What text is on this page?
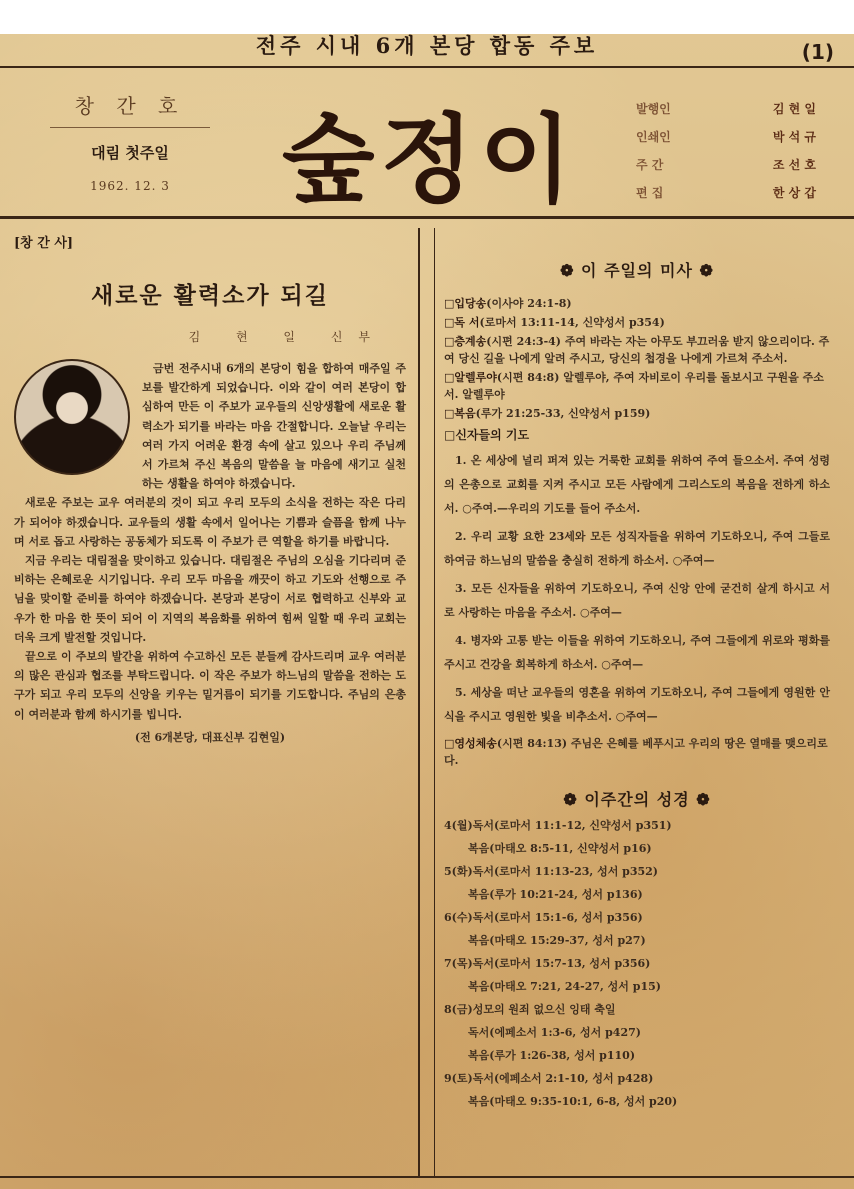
전주 시내 6개 본당 합동 주보	(1)
창 간 호
대림 첫주일
1962. 12. 3	숲정이	발행인	김 현 일
인쇄인	박 석 규
주 간	조 선 호
편 집	한 상 갑
[창 간 사]
새로운 활력소가 되길
김 현 일 신부

금번 전주시내 6개의 본당이 힘을 합하여 매주일 주보를 발간하게 되었습니다. 이와 같이 여러 본당이 합심하여 만든 이 주보가 교우들의 신앙생활에 새로운 활력소가 되기를 바라는 마음 간절합니다. 오늘날 우리는 여러 가지 어려운 환경 속에 살고 있으나 우리 주님께서 가르쳐 주신 복음의 말씀을 늘 마음에 새기고 실천하는 생활을 하여야 하겠습니다.

새로운 주보는 교우 여러분의 것이 되고 우리 모두의 소식을 전하는 작은 다리가 되어야 하겠습니다. 교우들의 생활 속에서 일어나는 기쁨과 슬픔을 함께 나누며 서로 돕고 사랑하는 공동체가 되도록 이 주보가 큰 역할을 하기를 바랍니다.

지금 우리는 대림절을 맞이하고 있습니다. 대림절은 주님의 오심을 기다리며 준비하는 은혜로운 시기입니다. 우리 모두 마음을 깨끗이 하고 기도와 선행으로 주님을 맞이할 준비를 하여야 하겠습니다. 본당과 본당이 서로 협력하고 신부와 교우가 한 마음 한 뜻이 되어 이 지역의 복음화를 위하여 힘써 일할 때 우리 교회는 더욱 크게 발전할 것입니다.

끝으로 이 주보의 발간을 위하여 수고하신 모든 분들께 감사드리며 교우 여러분의 많은 관심과 협조를 부탁드립니다. 이 작은 주보가 하느님의 말씀을 전하는 도구가 되고 우리 모두의 신앙을 키우는 밑거름이 되기를 기도합니다. 주님의 은총이 여러분과 함께 하시기를 빕니다.

(전 6개본당, 대표신부 김현일)
❁ 이 주일의 미사 ❁
□입당송(이사야 24:1-8)
□독 서(로마서 13:11-14, 신약성서 p354)
□층계송(시편 24:3-4) 주여 바라는 자는 아무도 부끄러움 받지 않으리이다. 주여 당신 길을 나에게 알려 주시고, 당신의 첩경을 나에게 가르쳐 주소서.
□알렐루야(시편 84:8) 알렐루야, 주여 자비로이 우리를 돌보시고 구원을 주소서. 알렐루야
□복음(루가 21:25-33, 신약성서 p159)
□신자들의 기도

1. 온 세상에 널리 퍼져 있는 거룩한 교회를 위하여 주여 들으소서. 주여 성령의 은총으로 교회를 지켜 주시고 모든 사람에게 그리스도의 복음을 전하게 하소서. ○주여.—우리의 기도를 들어 주소서.

2. 우리 교황 요한 23세와 모든 성직자들을 위하여 기도하오니, 주여 그들로 하여금 하느님의 말씀을 충실히 전하게 하소서. ○주여—

3. 모든 신자들을 위하여 기도하오니, 주여 신앙 안에 굳건히 살게 하시고 서로 사랑하는 마음을 주소서. ○주여—

4. 병자와 고통 받는 이들을 위하여 기도하오니, 주여 그들에게 위로와 평화를 주시고 건강을 회복하게 하소서. ○주여—

5. 세상을 떠난 교우들의 영혼을 위하여 기도하오니, 주여 그들에게 영원한 안식을 주시고 영원한 빛을 비추소서. ○주여—

□영성체송(시편 84:13) 주님은 은혜를 베푸시고 우리의 땅은 열매를 맺으리로다.
❁ 이주간의 성경 ❁
4(월)독서(로마서 11:1-12, 신약성서 p351)
복음(마태오 8:5-11, 신약성서 p16)
5(화)독서(로마서 11:13-23, 성서 p352)
복음(루가 10:21-24, 성서 p136)
6(수)독서(로마서 15:1-6, 성서 p356)
복음(마태오 15:29-37, 성서 p27)
7(목)독서(로마서 15:7-13, 성서 p356)
복음(마태오 7:21, 24-27, 성서 p15)
8(금)성모의 원죄 없으신 잉태 축일
독서(에페소서 1:3-6, 성서 p427)
복음(루가 1:26-38, 성서 p110)
9(토)독서(에페소서 2:1-10, 성서 p428)
복음(마태오 9:35-10:1, 6-8, 성서 p20)
